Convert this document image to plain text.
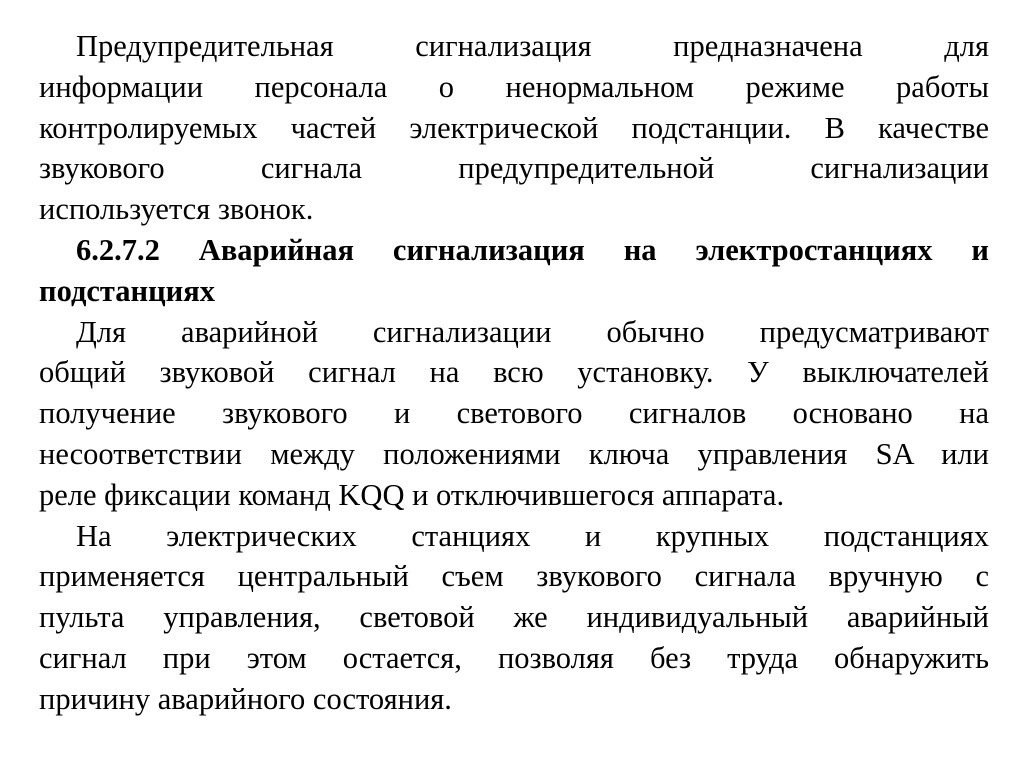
Предупредительная сигнализация предназначена для
информации персонала о ненормальном режиме работы
контролируемых частей электрической подстанции. В качестве
звукового сигнала предупредительной сигнализации
используется звонок.
6.2.7.2 Аварийная сигнализация на электростанциях и
подстанциях
Для аварийной сигнализации обычно предусматривают
общий звуковой сигнал на всю установку. У выключателей
получение звукового и светового сигналов основано на
несоответствии между положениями ключа управления SA или
реле фиксации команд KQQ и отключившегося аппарата.
На электрических станциях и крупных подстанциях
применяется центральный съем звукового сигнала вручную с
пульта управления, световой же индивидуальный аварийный
сигнал при этом остается, позволяя без труда обнаружить
причину аварийного состояния.
